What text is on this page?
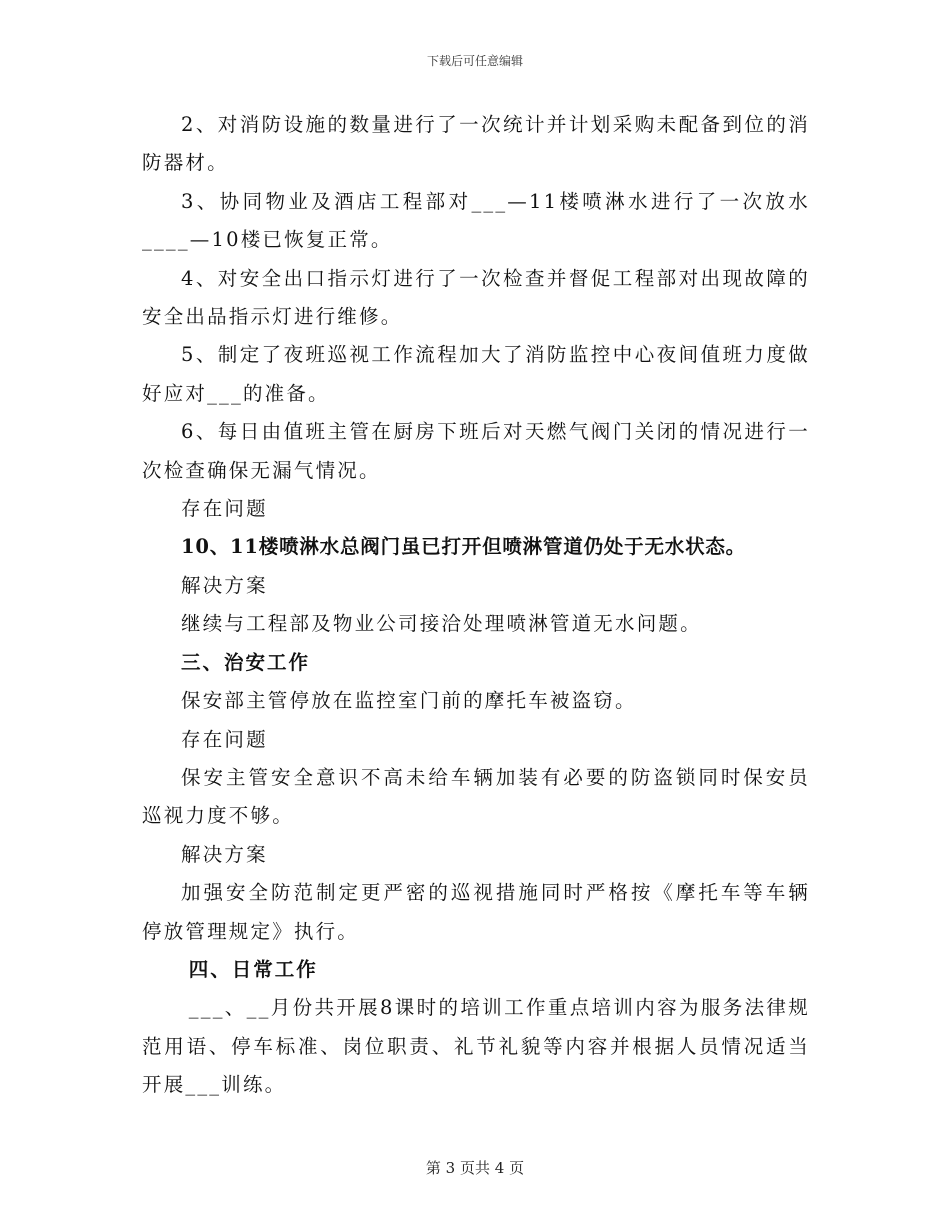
下载后可任意编辑

2、对消防设施的数量进行了一次统计并计划采购未配备到位的消防器材。

3、协同物业及酒店工程部对___—11楼喷淋水进行了一次放水____—10楼已恢复正常。

4、对安全出口指示灯进行了一次检查并督促工程部对出现故障的安全出品指示灯进行维修。

5、制定了夜班巡视工作流程加大了消防监控中心夜间值班力度做好应对___的准备。

6、每日由值班主管在厨房下班后对天燃气阀门关闭的情况进行一次检查确保无漏气情况。

存在问题

10、11楼喷淋水总阀门虽已打开但喷淋管道仍处于无水状态。

解决方案

继续与工程部及物业公司接洽处理喷淋管道无水问题。

三、治安工作

保安部主管停放在监控室门前的摩托车被盗窃。

存在问题

保安主管安全意识不高未给车辆加装有必要的防盗锁同时保安员巡视力度不够。

解决方案

加强安全防范制定更严密的巡视措施同时严格按《摩托车等车辆停放管理规定》执行。

四、日常工作

___、__月份共开展8课时的培训工作重点培训内容为服务法律规范用语、停车标准、岗位职责、礼节礼貌等内容并根据人员情况适当开展___训练。

第 3 页共 4 页
